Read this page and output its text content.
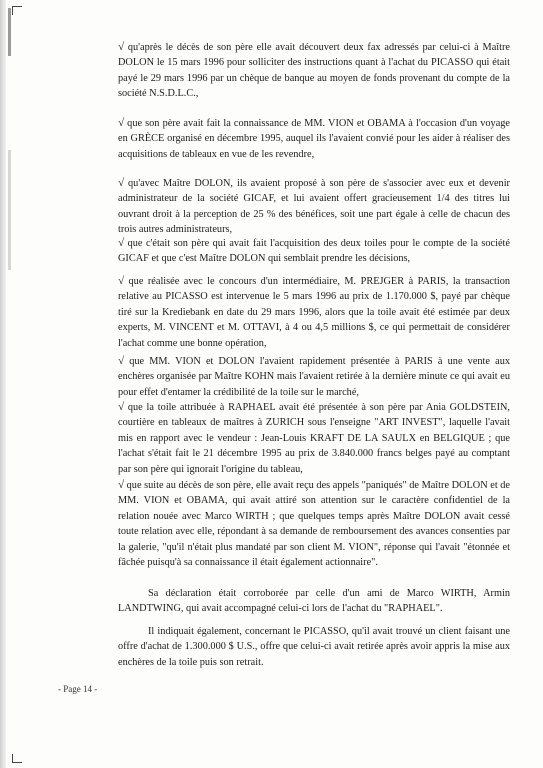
√ qu'après le décès de son père elle avait découvert deux fax adressés par celui-ci à Maître DOLON le 15 mars 1996 pour solliciter des instructions quant à l'achat du PICASSO qui était payé le 29 mars 1996 par un chèque de banque au moyen de fonds provenant du compte de la société N.S.D.L.C.,

√ que son père avait fait la connaissance de MM. VION et OBAMA à l'occasion d'un voyage en GRÈCE organisé en décembre 1995, auquel ils l'avaient convié pour les aider à réaliser des acquisitions de tableaux en vue de les revendre,

√ qu'avec Maître DOLON, ils avaient proposé à son père de s'associer avec eux et devenir administrateur de la société GICAF, et lui avaient offert gracieusement 1/4 des titres lui ouvrant droit à la perception de 25 % des bénéfices, soit une part égale à celle de chacun des trois autres administrateurs,

√ que c'était son père qui avait fait l'acquisition des deux toiles pour le compte de la société GICAF et que c'est Maître DOLON qui semblait prendre les décisions,

√ que réalisée avec le concours d'un intermédiaire, M. PREJGER à PARIS, la transaction relative au PICASSO est intervenue le 5 mars 1996 au prix de 1.170.000 $, payé par chèque tiré sur la Krediebank en date du 29 mars 1996, alors que la toile avait été estimée par deux experts, M. VINCENT et M. OTTAVI, à 4 ou 4,5 millions $, ce qui permettait de considérer l'achat comme une bonne opération,

√ que MM. VION et DOLON l'avaient rapidement présentée à PARIS à une vente aux enchères organisée par Maître KOHN mais l'avaient retirée à la dernière minute ce qui avait eu pour effet d'entamer la crédibilité de la toile sur le marché,

√ que la toile attribuée à RAPHAEL avait été présentée à son père par Ania GOLDSTEIN, courtière en tableaux de maîtres à ZURICH sous l'enseigne "ART INVEST", laquelle l'avait mis en rapport avec le vendeur : Jean-Louis KRAFT DE LA SAULX en BELGIQUE ; que l'achat s'était fait le 21 décembre 1995 au prix de 3.840.000 francs belges payé au comptant par son père qui ignorait l'origine du tableau,

√ que suite au décès de son père, elle avait reçu des appels "paniqués" de Maître DOLON et de MM. VION et OBAMA, qui avait attiré son attention sur le caractère confidentiel de la relation nouée avec Marco WIRTH ; que quelques temps après Maître DOLON avait cessé toute relation avec elle, répondant à sa demande de remboursement des avances consenties par la galerie, "qu'il n'était plus mandaté par son client M. VION", réponse qui l'avait "étonnée et fâchée puisqu'à sa connaissance il était également actionnaire".

Sa déclaration était corroborée par celle d'un ami de Marco WIRTH, Armin LANDTWING, qui avait accompagné celui-ci lors de l'achat du "RAPHAEL".

Il indiquait également, concernant le PICASSO, qu'il avait trouvé un client faisant une offre d'achat de 1.300.000 $ U.S., offre que celui-ci avait retirée après avoir appris la mise aux enchères de la toile puis son retrait.

- Page 14 -
